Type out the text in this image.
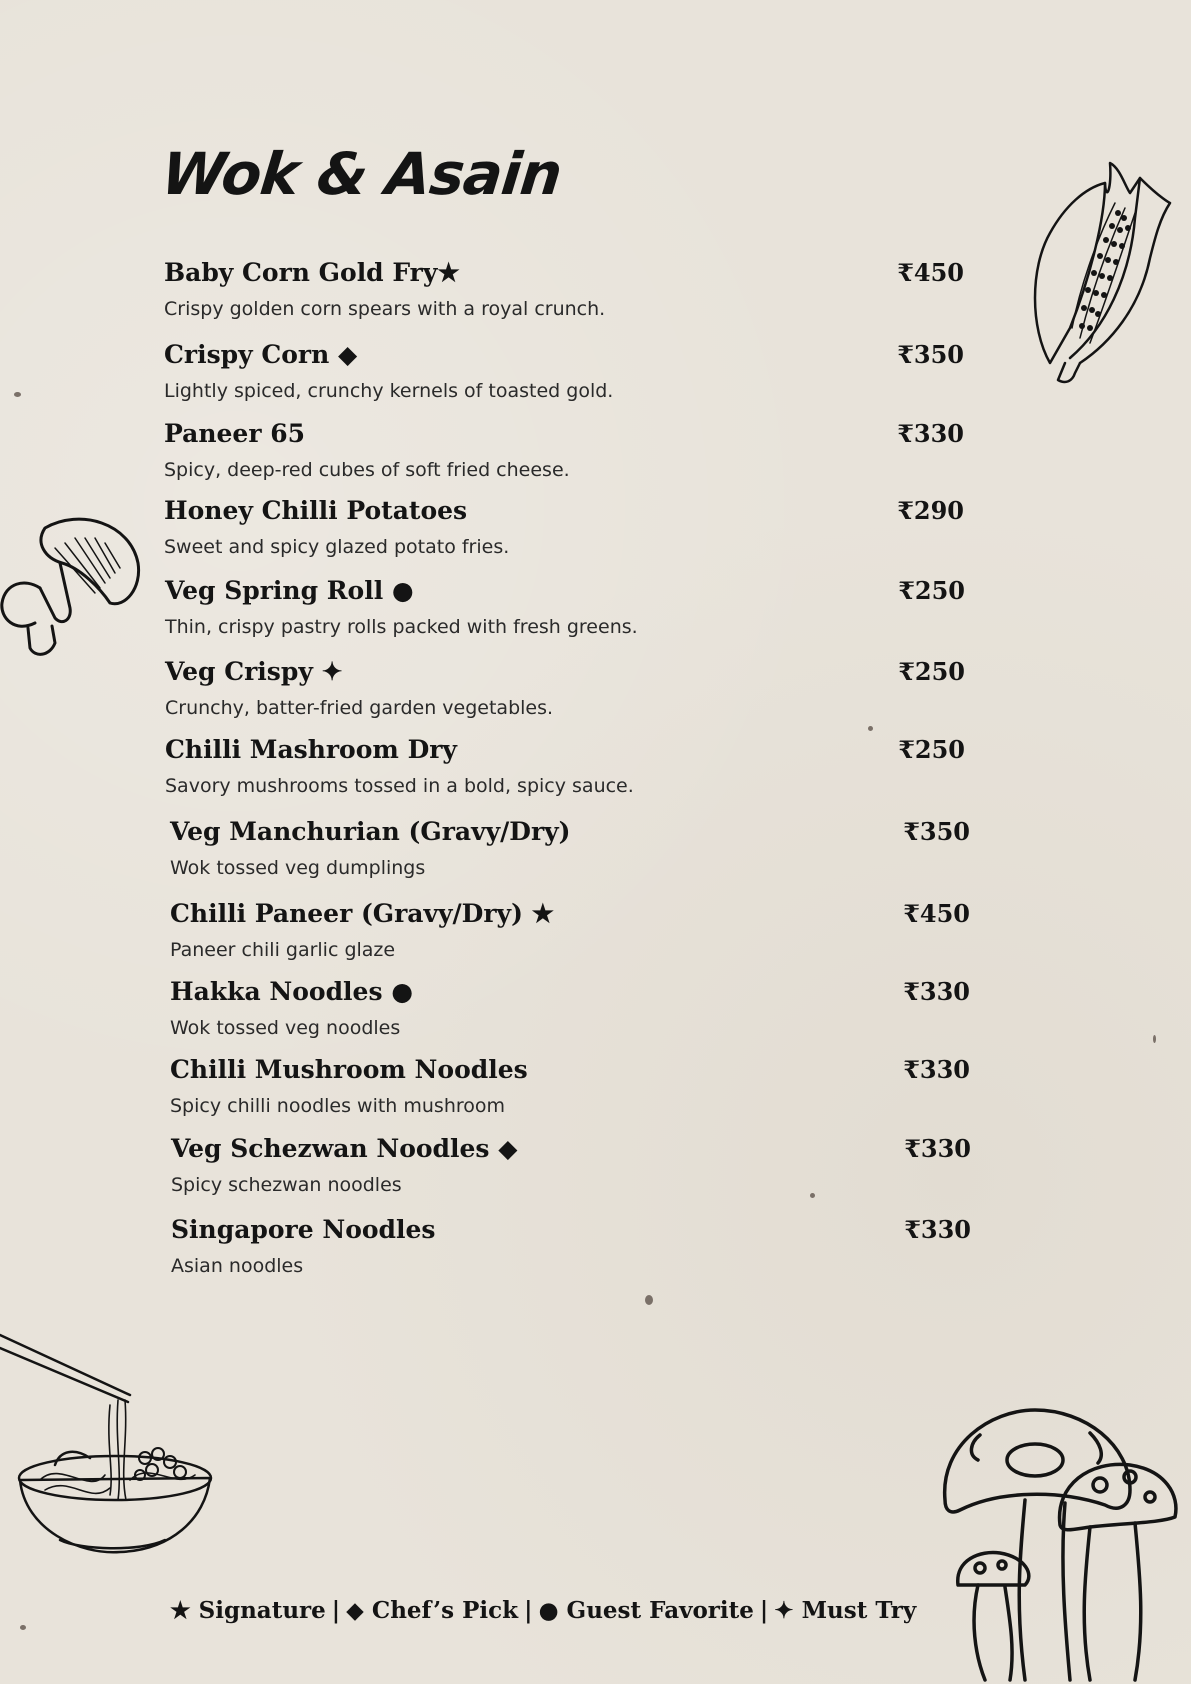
Wok & Asain
Baby Corn Gold Fry★	₹450
Crispy golden corn spears with a royal crunch.
Crispy Corn ◆	₹350
Lightly spiced, crunchy kernels of toasted gold.
Paneer 65	₹330
Spicy, deep-red cubes of soft fried cheese.
Honey Chilli Potatoes	₹290
Sweet and spicy glazed potato fries.
Veg Spring Roll ●	₹250
Thin, crispy pastry rolls packed with fresh greens.
Veg Crispy ✦	₹250
Crunchy, batter-fried garden vegetables.
Chilli Mashroom Dry	₹250
Savory mushrooms tossed in a bold, spicy sauce.
Veg Manchurian (Gravy/Dry)	₹350
Wok tossed veg dumplings
Chilli Paneer (Gravy/Dry) ★	₹450
Paneer chili garlic glaze
Hakka Noodles ●	₹330
Wok tossed veg noodles
Chilli Mushroom Noodles	₹330
Spicy chilli noodles with mushroom
Veg Schezwan Noodles ◆	₹330
Spicy schezwan noodles
Singapore Noodles	₹330
Asian noodles
★ Signature | ◆ Chef’s Pick | ● Guest Favorite | ✦ Must Try
